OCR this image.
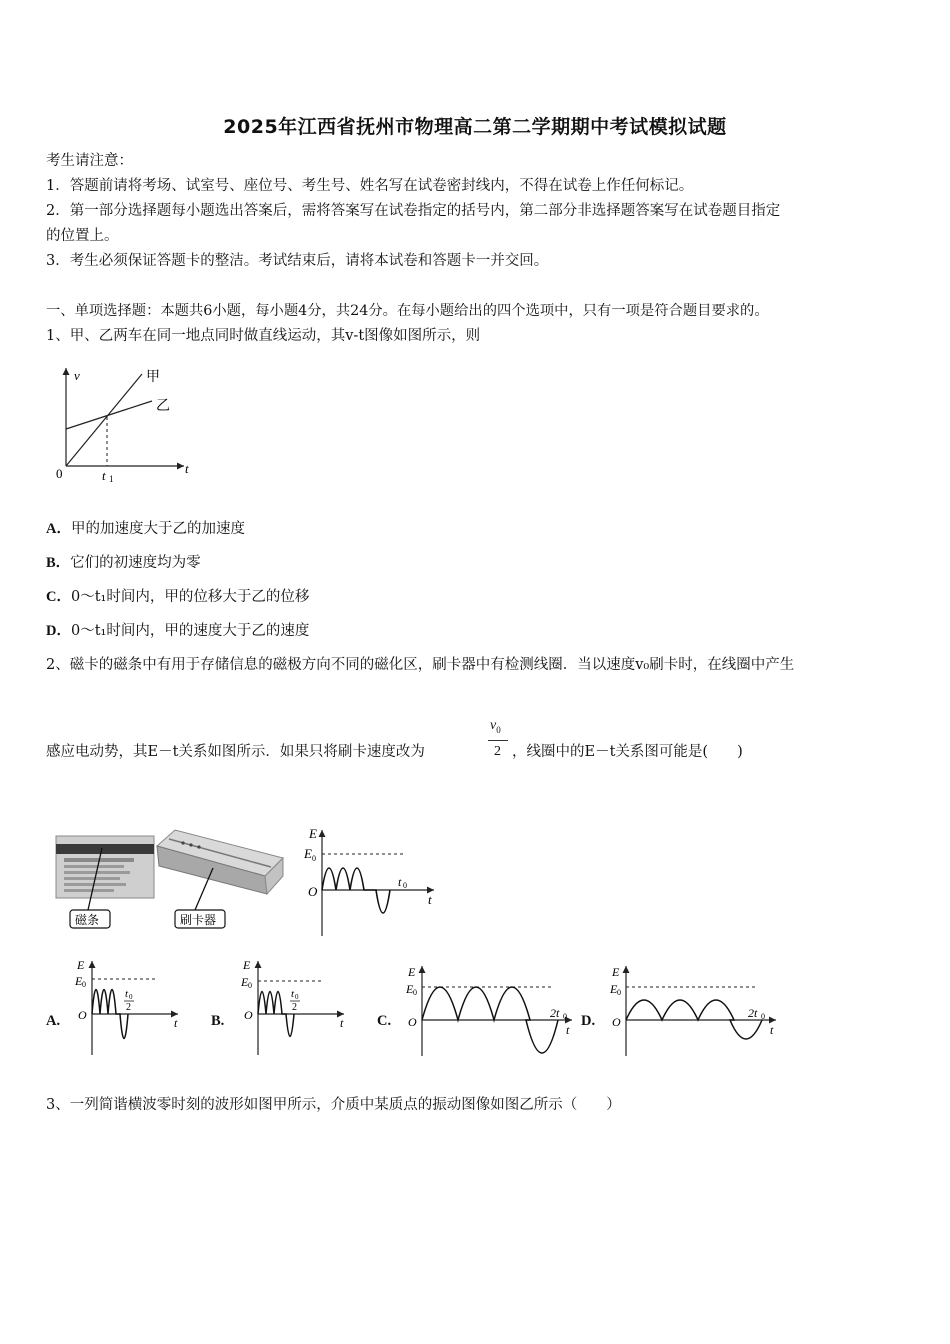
2025年江西省抚州市物理高二第二学期期中考试模拟试题
考生请注意：
1．答题前请将考场、试室号、座位号、考生号、姓名写在试卷密封线内，不得在试卷上作任何标记。
2．第一部分选择题每小题选出答案后，需将答案写在试卷指定的括号内，第二部分非选择题答案写在试卷题目指定
的位置上。
3．考生必须保证答题卡的整洁。考试结束后，请将本试卷和答题卡一并交回。
一、单项选择题：本题共6小题，每小题4分，共24分。在每小题给出的四个选项中，只有一项是符合题目要求的。
1、甲、乙两车在同一地点同时做直线运动，其v-t图像如图所示，则
v
t
0	t 1
甲
乙
A．甲的加速度大于乙的加速度
B．它们的初速度均为零
C．0～t₁时间内，甲的位移大于乙的位移
D．0～t₁时间内，甲的速度大于乙的速度
2、磁卡的磁条中有用于存储信息的磁极方向不同的磁化区，刷卡器中有检测线圈．当以速度v₀刷卡时，在线圈中产生
感应电动势，其E－t关系如图所示．如果只将刷卡速度改为
$v_0$
2 ，线圈中的E－t关系图可能是(　　)
磁条	刷卡器
E
E 0
O
t 0
t
A.
E
E 0
O
t 0
2
t B.
E
E 0
O
t 0
2
t C.
E
E 0
O
2t 0
t
D.
E
E 0
O
2t 0
t
3、一列简谐横波零时刻的波形如图甲所示，介质中某质点的振动图像如图乙所示（　　）
